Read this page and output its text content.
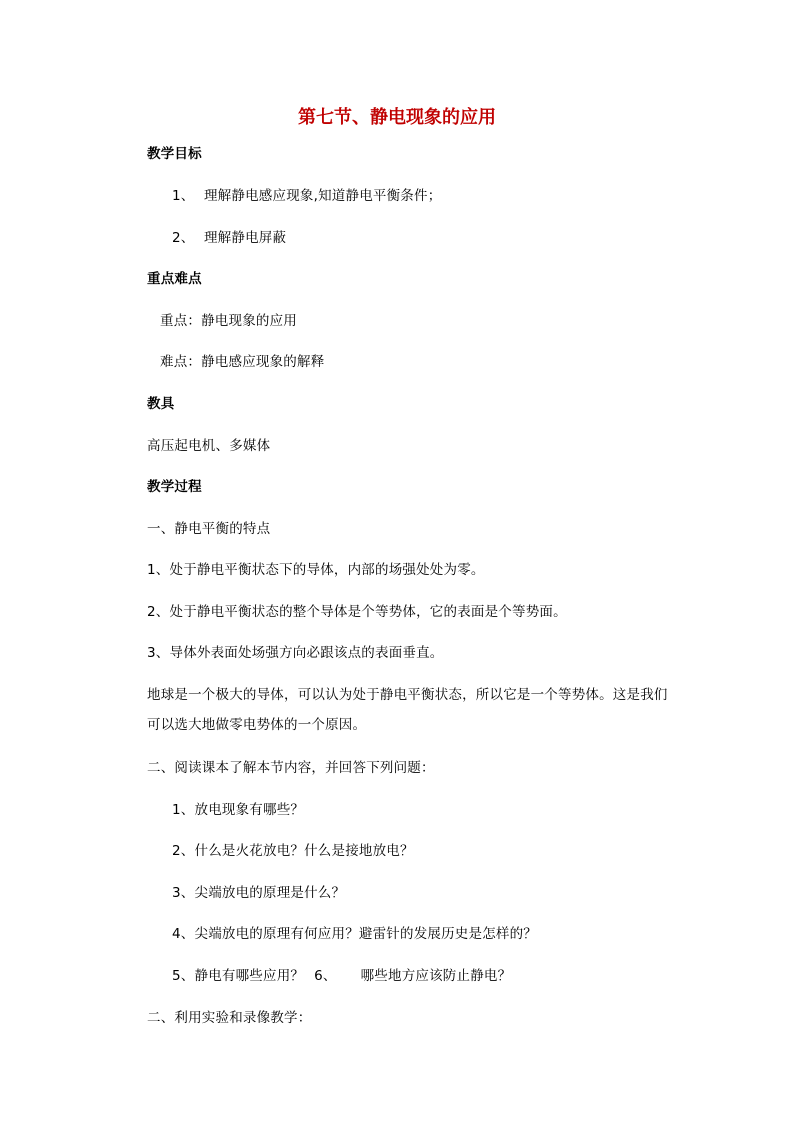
第七节、静电现象的应用
教学目标
1、 理解静电感应现象,知道静电平衡条件；
2、 理解静电屏蔽
重点难点
重点：静电现象的应用
难点：静电感应现象的解释
教具
高压起电机、多媒体
教学过程
一、静电平衡的特点
1、处于静电平衡状态下的导体，内部的场强处处为零。
2、处于静电平衡状态的整个导体是个等势体，它的表面是个等势面。
3、导体外表面处场强方向必跟该点的表面垂直。
地球是一个极大的导体，可以认为处于静电平衡状态，所以它是一个等势体。这是我们
可以选大地做零电势体的一个原因。
二、阅读课本了解本节内容，并回答下列问题：
1、放电现象有哪些？
2、什么是火花放电？什么是接地放电？
3、尖端放电的原理是什么？
4、尖端放电的原理有何应用？避雷针的发展历史是怎样的？
5、静电有哪些应用？ 6、 哪些地方应该防止静电？
二、利用实验和录像教学：
